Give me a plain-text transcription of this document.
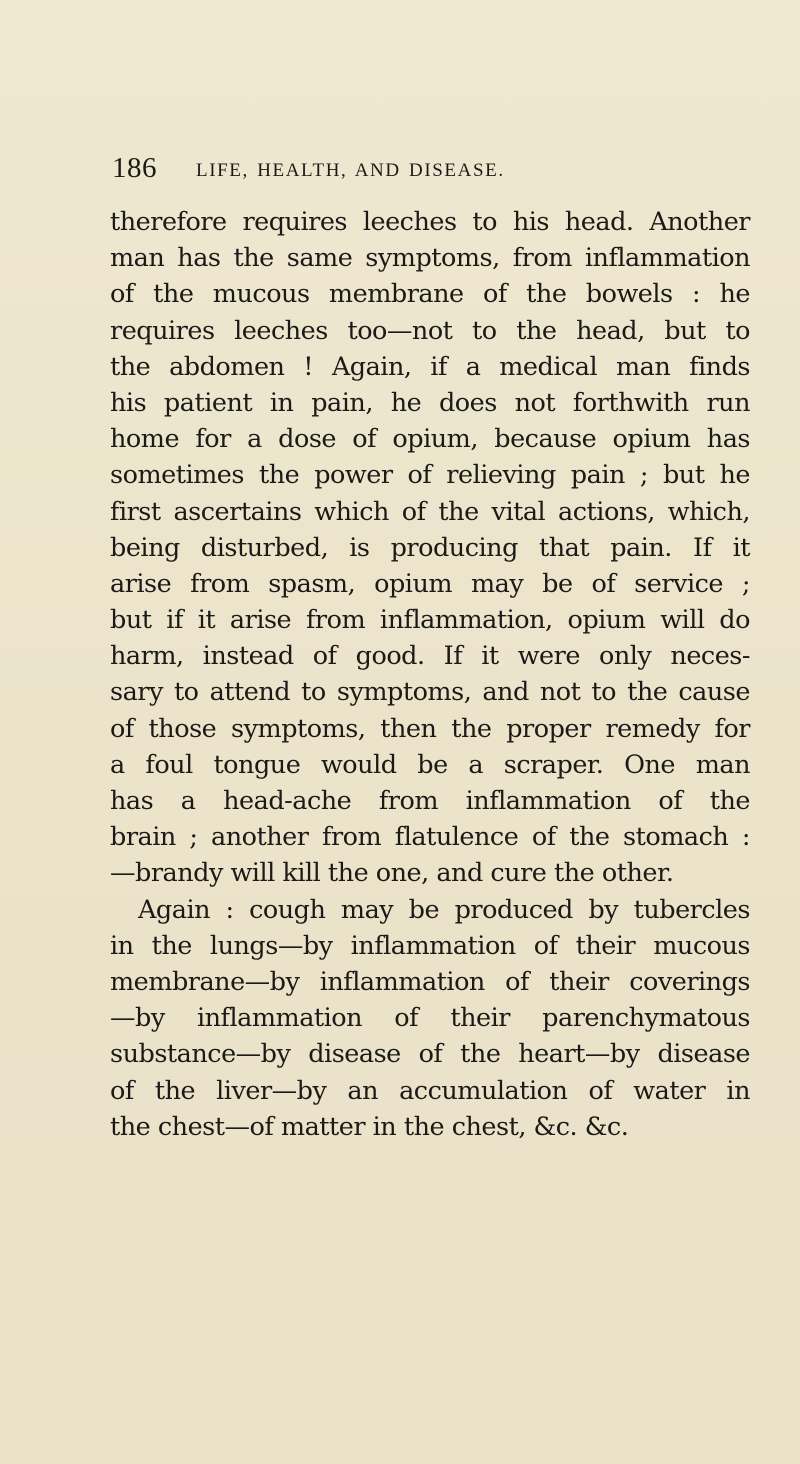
186 LIFE, HEALTH, AND DISEASE.
therefore requires leeches to his head. Another
man has the same symptoms, from inflammation
of the mucous membrane of the bowels : he
requires leeches too—not to the head, but to
the abdomen ! Again, if a medical man finds
his patient in pain, he does not forthwith run
home for a dose of opium, because opium has
sometimes the power of relieving pain ; but he
first ascertains which of the vital actions, which,
being disturbed, is producing that pain. If it
arise from spasm, opium may be of service ;
but if it arise from inflammation, opium will do
harm, instead of good. If it were only neces-
sary to attend to symptoms, and not to the cause
of those symptoms, then the proper remedy for
a foul tongue would be a scraper. One man
has a head-ache from inflammation of the
brain ; another from flatulence of the stomach :
—brandy will kill the one, and cure the other.
Again : cough may be produced by tubercles
in the lungs—by inflammation of their mucous
membrane—by inflammation of their coverings
—by inflammation of their parenchymatous
substance—by disease of the heart—by disease
of the liver—by an accumulation of water in
the chest—of matter in the chest, &c. &c.
